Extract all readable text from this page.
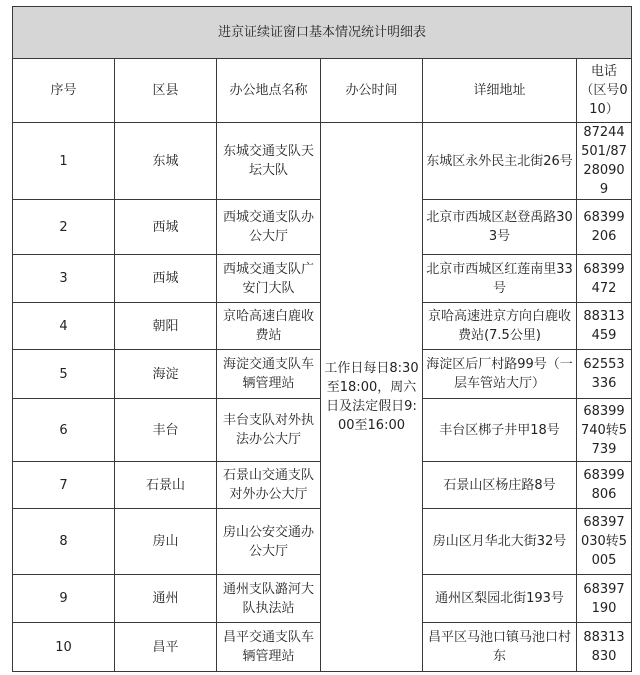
进京证续证窗口基本情况统计明细表					
序号	区县	办公地点名称	办公时间	详细地址	电话（区号010）
1	东城	东城交通支队天坛大队	工作日每日8:30至18:00，周六日及法定假日9:00至16:00	东城区永外民主北街26号	87244501/87280909
2	西城	西城交通支队办公大厅		北京市西城区赵登禹路303号	68399206
3	西城	西城交通支队广安门大队		北京市西城区红莲南里33号	68399472
4	朝阳	京哈高速白鹿收费站		京哈高速进京方向白鹿收费站(7.5公里)	88313459
5	海淀	海淀交通支队车辆管理站		海淀区后厂村路99号（一层车管站大厅）	62553336
6	丰台	丰台支队对外执法办公大厅		丰台区梆子井甲18号	68399740转5739
7	石景山	石景山交通支队对外办公大厅		石景山区杨庄路8号	68399806
8	房山	房山公安交通办公大厅		房山区月华北大街32号	68397030转5005
9	通州	通州支队潞河大队执法站		通州区梨园北街193号	68397190
10	昌平	昌平交通支队车辆管理站		昌平区马池口镇马池口村东	88313830
